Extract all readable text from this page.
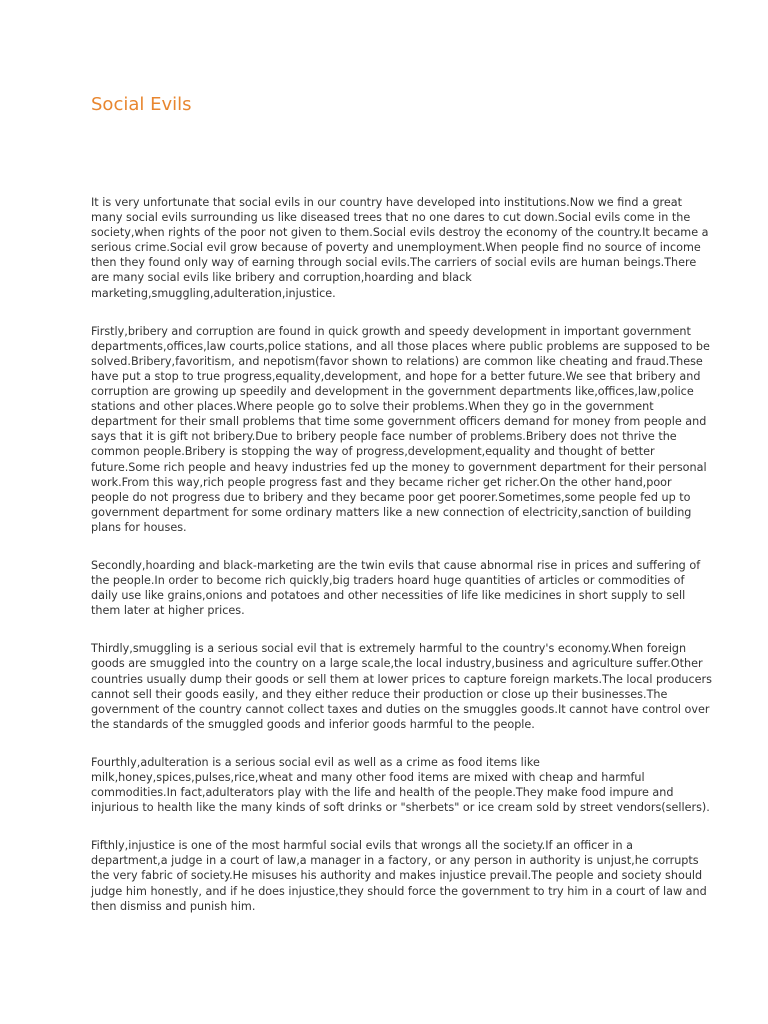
Social Evils

It is very unfortunate that social evils in our country have developed into institutions.Now we find a great many social evils surrounding us like diseased trees that no one dares to cut down.Social evils come in the society,when rights of the poor not given to them.Social evils destroy the economy of the country.It became a serious crime.Social evil grow because of poverty and unemployment.When people find no source of income then they found only way of earning through social evils.The carriers of social evils are human beings.There are many social evils like bribery and corruption,hoarding and black marketing,smuggling,adulteration,injustice.

Firstly,bribery and corruption are found in quick growth and speedy development in important government departments,offices,law courts,police stations, and all those places where public problems are supposed to be solved.Bribery,favoritism, and nepotism(favor shown to relations) are common like cheating and fraud.These have put a stop to true progress,equality,development, and hope for a better future.We see that bribery and corruption are growing up speedily and development in the government departments like,offices,law,police stations and other places.Where people go to solve their problems.When they go in the government department for their small problems that time some government officers demand for money from people and says that it is gift not bribery.Due to bribery people face number of problems.Bribery does not thrive the common people.Bribery is stopping the way of progress,development,equality and thought of better future.Some rich people and heavy industries fed up the money to government department for their personal work.From this way,rich people progress fast and they became richer get richer.On the other hand,poor people do not progress due to bribery and they became poor get poorer.Sometimes,some people fed up to government department for some ordinary matters like a new connection of electricity,sanction of building plans for houses.

Secondly,hoarding and black-marketing are the twin evils that cause abnormal rise in prices and suffering of the people.In order to become rich quickly,big traders hoard huge quantities of articles or commodities of daily use like grains,onions and potatoes and other necessities of life like medicines in short supply to sell them later at higher prices.

Thirdly,smuggling is a serious social evil that is extremely harmful to the country's economy.When foreign goods are smuggled into the country on a large scale,the local industry,business and agriculture suffer.Other countries usually dump their goods or sell them at lower prices to capture foreign markets.The local producers cannot sell their goods easily, and they either reduce their production or close up their businesses.The government of the country cannot collect taxes and duties on the smuggles goods.It cannot have control over the standards of the smuggled goods and inferior goods harmful to the people.

Fourthly,adulteration is a serious social evil as well as a crime as food items like milk,honey,spices,pulses,rice,wheat and many other food items are mixed with cheap and harmful commodities.In fact,adulterators play with the life and health of the people.They make food impure and injurious to health like the many kinds of soft drinks or "sherbets" or ice cream sold by street vendors(sellers).

Fifthly,injustice is one of the most harmful social evils that wrongs all the society.If an officer in a department,a judge in a court of law,a manager in a factory, or any person in authority is unjust,he corrupts the very fabric of society.He misuses his authority and makes injustice prevail.The people and society should judge him honestly, and if he does injustice,they should force the government to try him in a court of law and then dismiss and punish him.
